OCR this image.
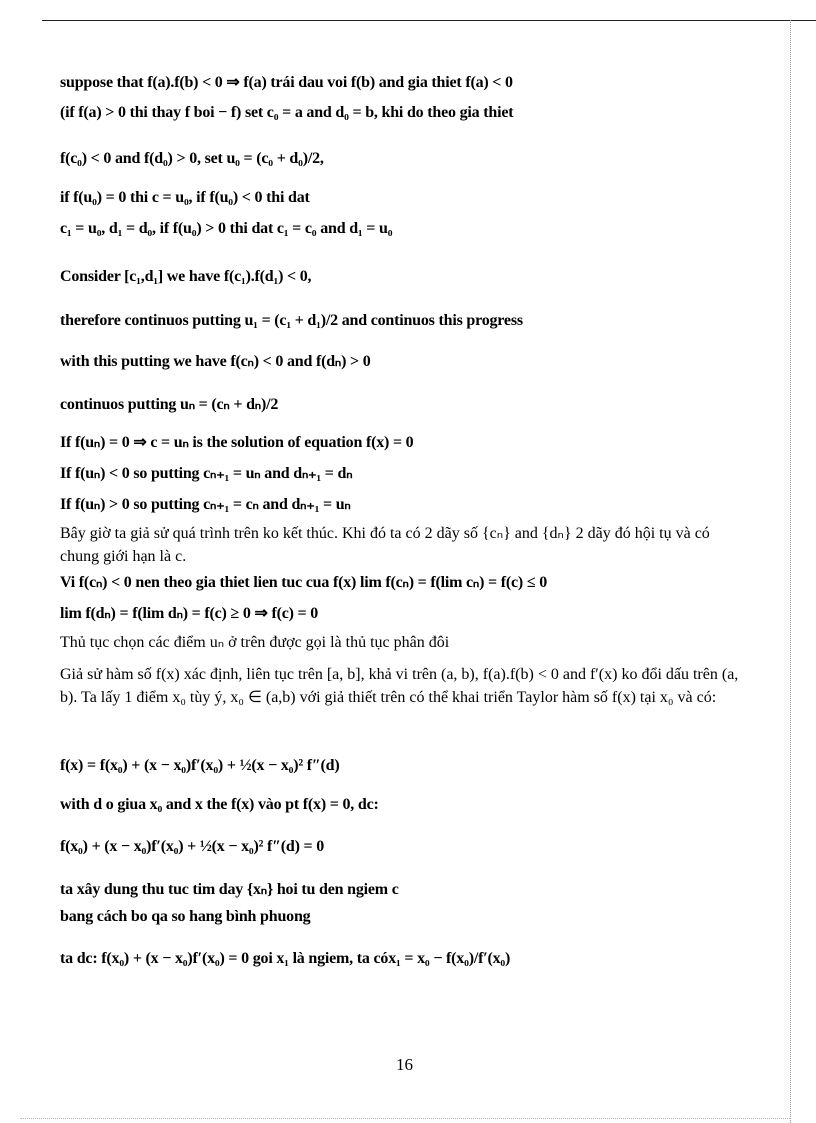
suppose that f(a).f(b) < 0 ⇒ f(a) trái dau voi f(b) and gia thiet f(a) < 0
(if f(a) > 0 thi thay f boi − f) set c₀ = a and d₀ = b, khi do theo gia thiet
f(c₀) < 0 and f(d₀) > 0, set u₀ = (c₀ + d₀)/2,
if f(u₀) = 0 thi c = u₀, if f(u₀) < 0 thi dat
c₁ = u₀, d₁ = d₀, if f(u₀) > 0 thi dat c₁ = c₀ and d₁ = u₀
Consider [c₁,d₁] we have f(c₁).f(d₁) < 0,
therefore continuos putting u₁ = (c₁ + d₁)/2 and continuos this progress
with this putting we have f(cₙ) < 0 and f(dₙ) > 0
continuos putting uₙ = (cₙ + dₙ)/2
If f(uₙ) = 0 ⇒ c = uₙ is the solution of equation f(x) = 0
If f(uₙ) < 0 so putting cₙ₊₁ = uₙ and dₙ₊₁ = dₙ
If f(uₙ) > 0 so putting cₙ₊₁ = cₙ and dₙ₊₁ = uₙ
Bây giờ ta giả sử quá trình trên ko kết thúc. Khi đó ta có 2 dãy số {cₙ} and {dₙ} 2 dãy đó hội tụ và có chung giới hạn là c.
Vi f(cₙ) < 0 nen theo gia thiet lien tuc cua f(x) lim f(cₙ) = f(lim cₙ) = f(c) ≤ 0
lim f(dₙ) = f(lim dₙ) = f(c) ≥ 0 ⇒ f(c) = 0
Thủ tục chọn các điểm uₙ ở trên được gọi là thủ tục phân đôi
Giả sử hàm số f(x) xác định, liên tục trên [a, b], khả vi trên (a, b), f(a).f(b) < 0 and f′(x) ko đổi dấu trên (a, b). Ta lấy 1 điểm x₀ tùy ý, x₀ ∈ (a,b) với giả thiết trên có thể khai triển Taylor hàm số f(x) tại x₀ và có:
f(x) = f(x₀) + (x − x₀)f′(x₀) + ½(x − x₀)² f″(d)
with d o giua x₀ and x the f(x) vào pt f(x) = 0, dc:
f(x₀) + (x − x₀)f′(x₀) + ½(x − x₀)² f″(d) = 0
ta xây dung thu tuc tim day {xₙ} hoi tu den ngiem c
bang cách bo qa so hang bình phuong
ta dc: f(x₀) + (x − x₀)f′(x₀) = 0 goi x₁ là ngiem, ta cóx₁ = x₀ − f(x₀)/f′(x₀)
16
